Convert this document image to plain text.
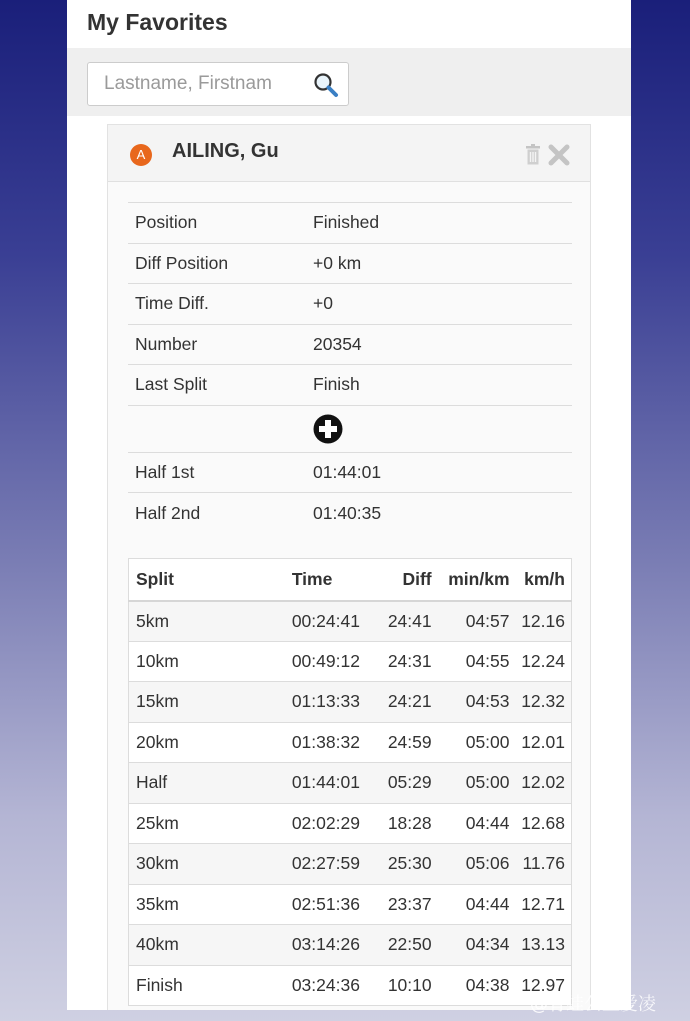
My Favorites
Lastname, Firstnam
A	AILING, Gu
Position	Finished
Diff Position	+0 km
Time Diff.	+0
Number	20354
Last Split	Finish

Half 1st	01:44:01
Half 2nd	01:40:35
Split	Time	Diff	min/km	km/h
5km	00:24:41	24:41	04:57	12.16
10km	00:49:12	24:31	04:55	12.24
15km	01:13:33	24:21	04:53	12.32
20km	01:38:32	24:59	05:00	12.01
Half	01:44:01	05:29	05:00	12.02
25km	02:02:29	18:28	04:44	12.68
30km	02:27:59	25:30	05:06	11.76
35km	02:51:36	23:37	04:44	12.71
40km	03:14:26	22:50	04:34	13.13
Finish	03:24:36	10:10	04:38	12.97
@青蛙公主爱凌
